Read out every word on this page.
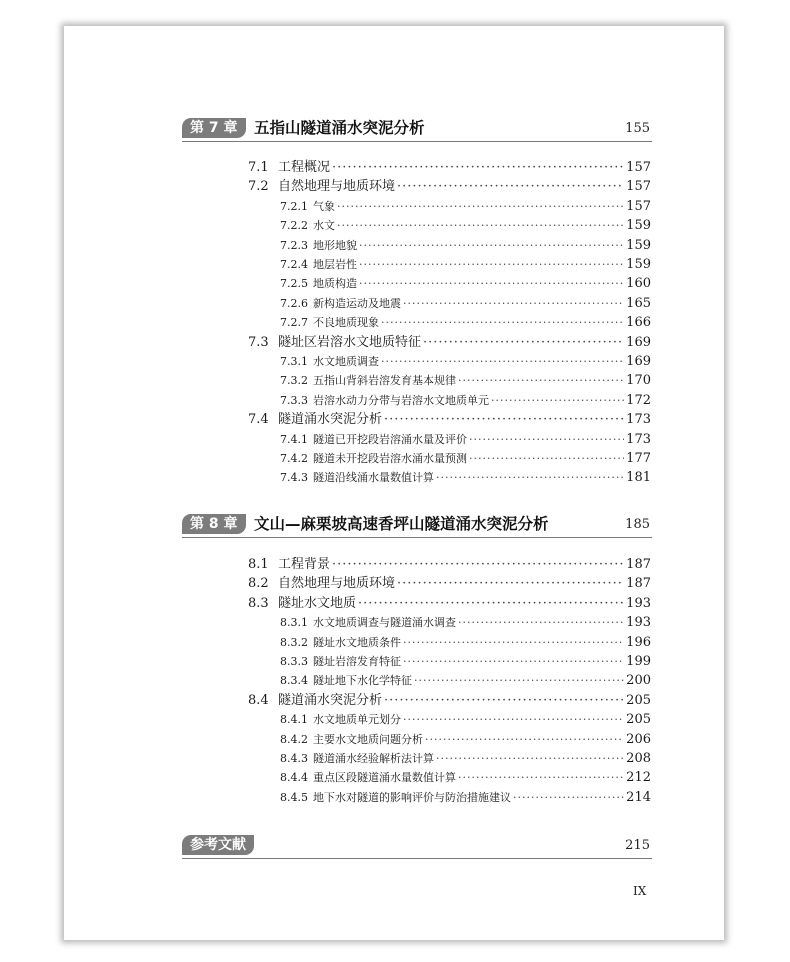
第 7 章	五指山隧道涌水突泥分析	155
7.1 工程概况 ·····	157
7.2 自然地理与地质环境 ·····	157
7.2.1 气象 ·····	157
7.2.2 水文 ·····	159
7.2.3 地形地貌 ·····	159
7.2.4 地层岩性 ·····	159
7.2.5 地质构造 ·····	160
7.2.6 新构造运动及地震 ·····	165
7.2.7 不良地质现象 ·····	166
7.3 隧址区岩溶水文地质特征 ·····	169
7.3.1 水文地质调查 ·····	169
7.3.2 五指山背斜岩溶发育基本规律 ·····	170
7.3.3 岩溶水动力分带与岩溶水文地质单元 ·····	172
7.4 隧道涌水突泥分析 ·····	173
7.4.1 隧道已开挖段岩溶涌水量及评价 ·····	173
7.4.2 隧道未开挖段岩溶水涌水量预测 ·····	177
7.4.3 隧道沿线涌水量数值计算 ·····	181
第 8 章	文山—麻栗坡高速香坪山隧道涌水突泥分析	185
8.1 工程背景 ·····	187
8.2 自然地理与地质环境 ·····	187
8.3 隧址水文地质 ·····	193
8.3.1 水文地质调查与隧道涌水调查 ·····	193
8.3.2 隧址水文地质条件 ·····	196
8.3.3 隧址岩溶发育特征 ·····	199
8.3.4 隧址地下水化学特征 ·····	200
8.4 隧道涌水突泥分析 ·····	205
8.4.1 水文地质单元划分 ·····	205
8.4.2 主要水文地质问题分析 ·····	206
8.4.3 隧道涌水经验解析法计算 ·····	208
8.4.4 重点区段隧道涌水量数值计算 ·····	212
8.4.5 地下水对隧道的影响评价与防治措施建议 ·····	214
参考文献	215
IX
